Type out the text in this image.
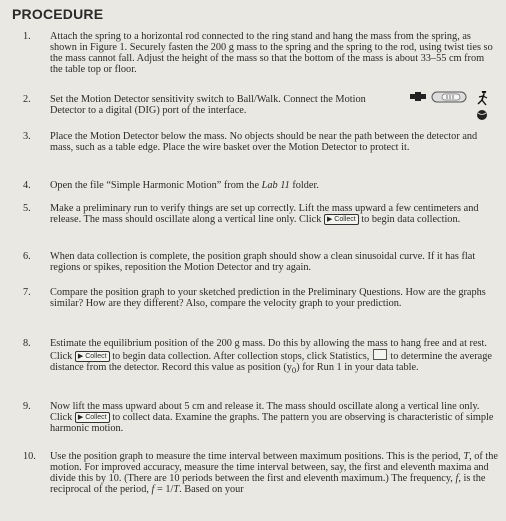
PROCEDURE
1. Attach the spring to a horizontal rod connected to the ring stand and hang the mass from the spring, as shown in Figure 1. Securely fasten the 200 g mass to the spring and the spring to the rod, using twist ties so the mass cannot fall. Adjust the height of the mass so that the bottom of the mass is about 33–55 cm from the table top or floor.
2. Set the Motion Detector sensitivity switch to Ball/Walk. Connect the Motion Detector to a digital (DIG) port of the interface.
3. Place the Motion Detector below the mass. No objects should be near the path between the detector and mass, such as a table edge. Place the wire basket over the Motion Detector to protect it.
4. Open the file “Simple Harmonic Motion” from the Lab 11 folder.
5. Make a preliminary run to verify things are set up correctly. Lift the mass upward a few centimeters and release. The mass should oscillate along a vertical line only. Click ▶ Collect to begin data collection.
6. When data collection is complete, the position graph should show a clean sinusoidal curve. If it has flat regions or spikes, reposition the Motion Detector and try again.
7. Compare the position graph to your sketched prediction in the Preliminary Questions. How are the graphs similar? How are they different? Also, compare the velocity graph to your prediction.
8. Estimate the equilibrium position of the 200 g mass. Do this by allowing the mass to hang free and at rest. Click ▶ Collect to begin data collection. After collection stops, click Statistics,  to determine the average distance from the detector. Record this value as position $(y_0)$ for Run 1 in your data table.
9. Now lift the mass upward about 5 cm and release it. The mass should oscillate along a vertical line only. Click ▶ Collect to collect data. Examine the graphs. The pattern you are observing is characteristic of simple harmonic motion.
10. Use the position graph to measure the time interval between maximum positions. This is the period, T, of the motion. For improved accuracy, measure the time interval between, say, the first and eleventh maxima and divide this by 10. (There are 10 periods between the first and eleventh maximum.) The frequency, f, is the reciprocal of the period, f = 1/T. Based on your
